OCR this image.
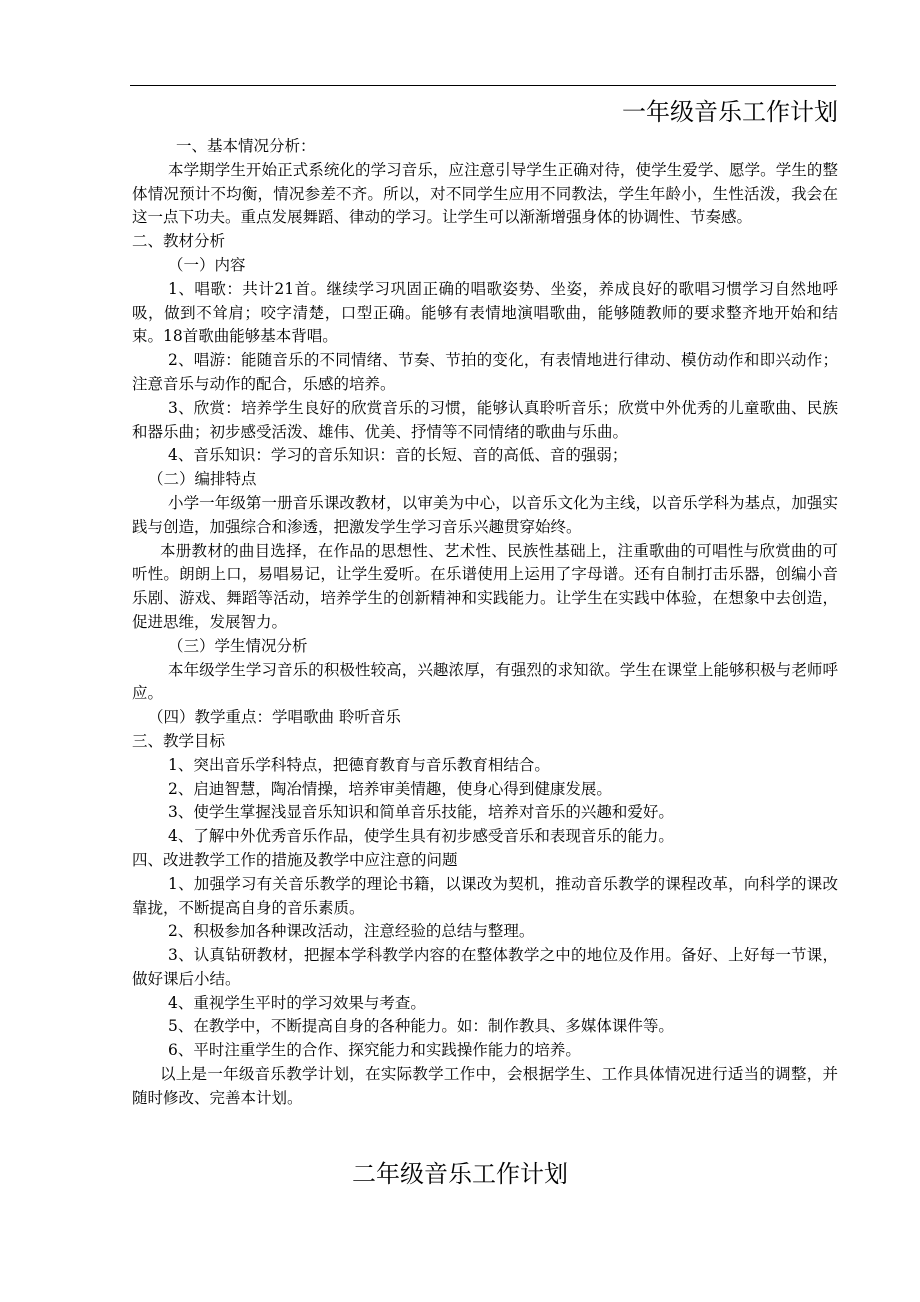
一年级音乐工作计划

一、基本情况分析：

本学期学生开始正式系统化的学习音乐，应注意引导学生正确对待，使学生爱学、愿学。学生的整体情况预计不均衡，情况参差不齐。所以，对不同学生应用不同教法，学生年龄小，生性活泼，我会在这一点下功夫。重点发展舞蹈、律动的学习。让学生可以渐渐增强身体的协调性、节奏感。

二、教材分析

（一）内容

1、唱歌：共计21首。继续学习巩固正确的唱歌姿势、坐姿，养成良好的歌唱习惯学习自然地呼吸，做到不耸肩；咬字清楚，口型正确。能够有表情地演唱歌曲，能够随教师的要求整齐地开始和结束。18首歌曲能够基本背唱。

2、唱游：能随音乐的不同情绪、节奏、节拍的变化，有表情地进行律动、模仿动作和即兴动作；注意音乐与动作的配合，乐感的培养。

3、欣赏：培养学生良好的欣赏音乐的习惯，能够认真聆听音乐；欣赏中外优秀的儿童歌曲、民族和器乐曲；初步感受活泼、雄伟、优美、抒情等不同情绪的歌曲与乐曲。

4、音乐知识：学习的音乐知识：音的长短、音的高低、音的强弱；

（二）编排特点

小学一年级第一册音乐课改教材，以审美为中心，以音乐文化为主线，以音乐学科为基点，加强实践与创造，加强综合和渗透，把激发学生学习音乐兴趣贯穿始终。

本册教材的曲目选择，在作品的思想性、艺术性、民族性基础上，注重歌曲的可唱性与欣赏曲的可听性。朗朗上口，易唱易记，让学生爱听。在乐谱使用上运用了字母谱。还有自制打击乐器，创编小音乐剧、游戏、舞蹈等活动，培养学生的创新精神和实践能力。让学生在实践中体验，在想象中去创造，促进思维，发展智力。

（三）学生情况分析

本年级学生学习音乐的积极性较高，兴趣浓厚，有强烈的求知欲。学生在课堂上能够积极与老师呼应。

（四）教学重点：学唱歌曲 聆听音乐

三、教学目标

1、突出音乐学科特点，把德育教育与音乐教育相结合。

2、启迪智慧，陶冶情操，培养审美情趣，使身心得到健康发展。

3、使学生掌握浅显音乐知识和简单音乐技能，培养对音乐的兴趣和爱好。

4、了解中外优秀音乐作品，使学生具有初步感受音乐和表现音乐的能力。

四、改进教学工作的措施及教学中应注意的问题

1、加强学习有关音乐教学的理论书籍，以课改为契机，推动音乐教学的课程改革，向科学的课改靠拢，不断提高自身的音乐素质。

2、积极参加各种课改活动，注意经验的总结与整理。

3、认真钻研教材，把握本学科教学内容的在整体教学之中的地位及作用。备好、上好每一节课，做好课后小结。

4、重视学生平时的学习效果与考查。

5、在教学中，不断提高自身的各种能力。如：制作教具、多媒体课件等。

6、平时注重学生的合作、探究能力和实践操作能力的培养。

以上是一年级音乐教学计划，在实际教学工作中，会根据学生、工作具体情况进行适当的调整，并随时修改、完善本计划。

二年级音乐工作计划
